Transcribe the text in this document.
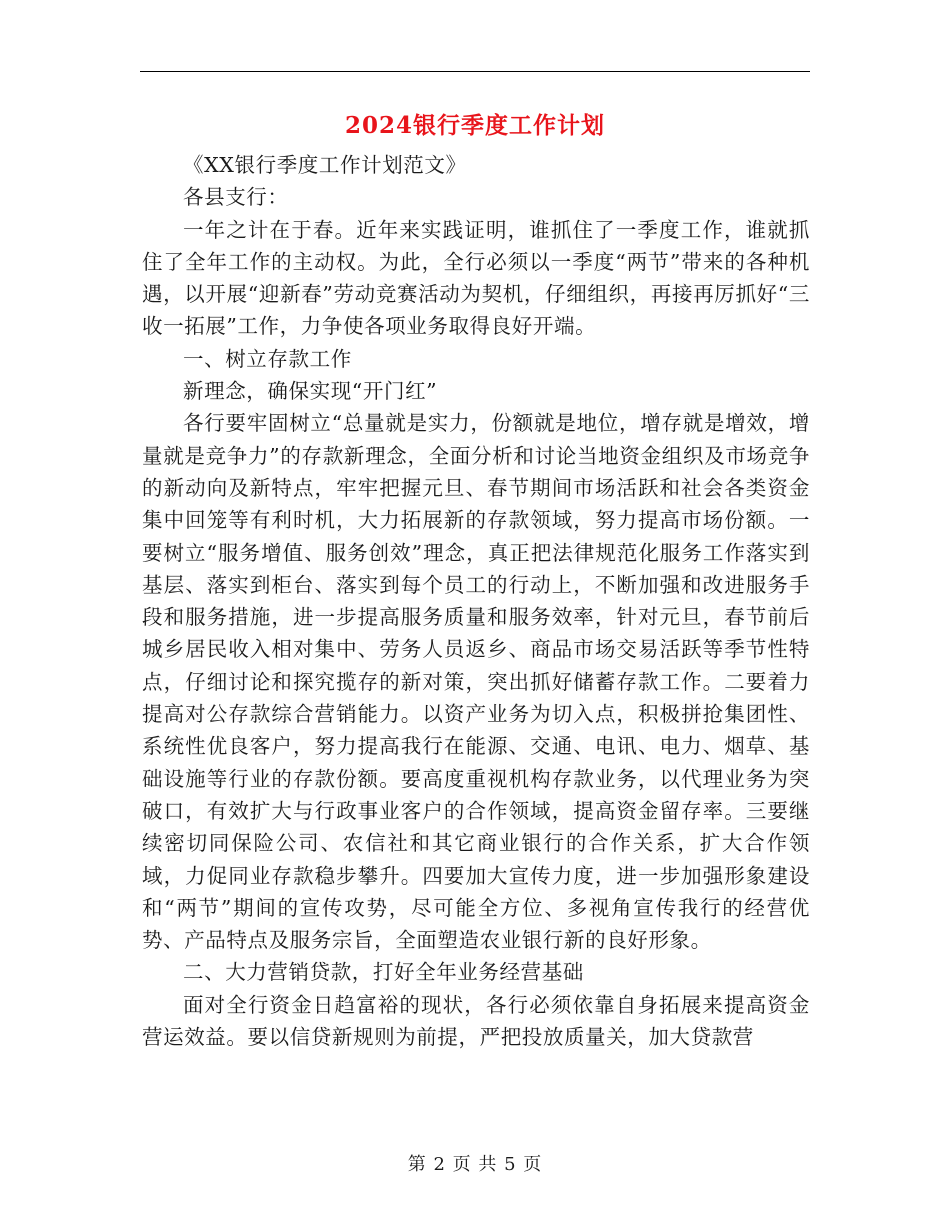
2024银行季度工作计划

《XX银行季度工作计划范文》

各县支行：

一年之计在于春。近年来实践证明，谁抓住了一季度工作，谁就抓住了全年工作的主动权。为此，全行必须以一季度“两节”带来的各种机遇，以开展“迎新春”劳动竞赛活动为契机，仔细组织，再接再厉抓好“三收一拓展”工作，力争使各项业务取得良好开端。

一、树立存款工作

新理念，确保实现“开门红”

各行要牢固树立“总量就是实力，份额就是地位，增存就是增效，增量就是竞争力”的存款新理念，全面分析和讨论当地资金组织及市场竞争的新动向及新特点，牢牢把握元旦、春节期间市场活跃和社会各类资金集中回笼等有利时机，大力拓展新的存款领域，努力提高市场份额。一要树立“服务增值、服务创效”理念，真正把法律规范化服务工作落实到基层、落实到柜台、落实到每个员工的行动上，不断加强和改进服务手段和服务措施，进一步提高服务质量和服务效率，针对元旦，春节前后城乡居民收入相对集中、劳务人员返乡、商品市场交易活跃等季节性特点，仔细讨论和探究揽存的新对策，突出抓好储蓄存款工作。二要着力提高对公存款综合营销能力。以资产业务为切入点，积极拼抢集团性、系统性优良客户，努力提高我行在能源、交通、电讯、电力、烟草、基础设施等行业的存款份额。要高度重视机构存款业务，以代理业务为突破口，有效扩大与行政事业客户的合作领域，提高资金留存率。三要继续密切同保险公司、农信社和其它商业银行的合作关系，扩大合作领域，力促同业存款稳步攀升。四要加大宣传力度，进一步加强形象建设和“两节”期间的宣传攻势，尽可能全方位、多视角宣传我行的经营优势、产品特点及服务宗旨，全面塑造农业银行新的良好形象。

二、大力营销贷款，打好全年业务经营基础

面对全行资金日趋富裕的现状，各行必须依靠自身拓展来提高资金营运效益。要以信贷新规则为前提，严把投放质量关，加大贷款营

第 2 页 共 5 页
